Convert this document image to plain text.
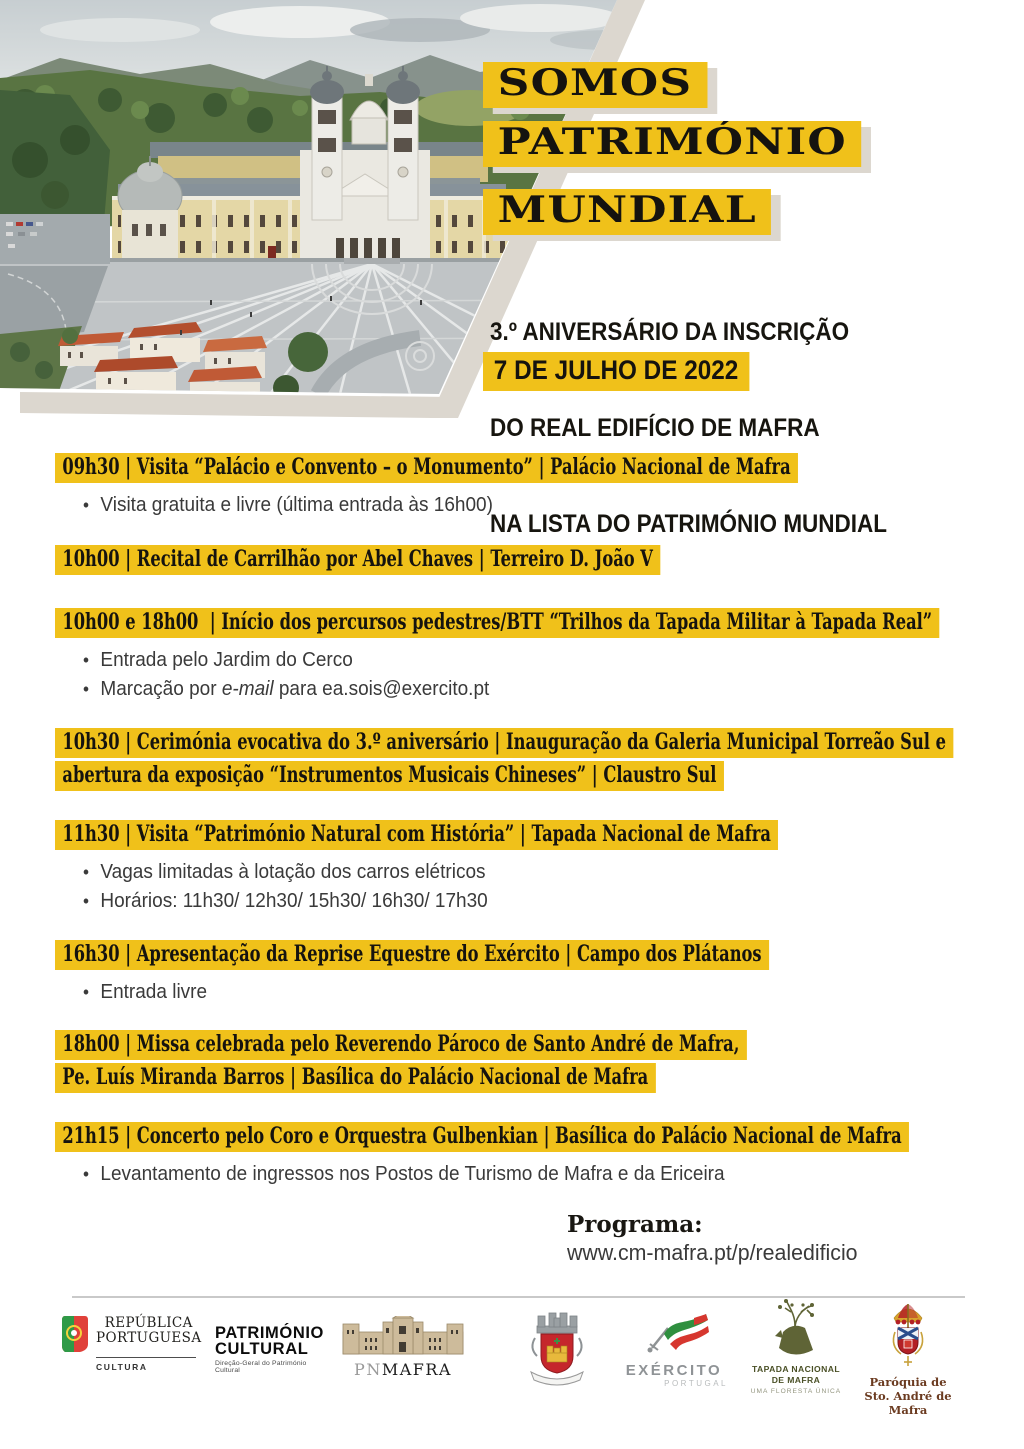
SOMOS
PATRIMÓNIO
MUNDIAL

3.º ANIVERSÁRIO DA INSCRIÇÃO

DO REAL EDIFÍCIO DE MAFRA

NA LISTA DO PATRIMÓNIO MUNDIAL

7 DE JULHO DE 2022
09h30 | Visita “Palácio e Convento – o Monumento” | Palácio Nacional de Mafra
• Visita gratuita e livre (última entrada às 16h00)
10h00 | Recital de Carrilhão por Abel Chaves | Terreiro D. João V
10h00 e 18h00  | Início dos percursos pedestres/BTT “Trilhos da Tapada Militar à Tapada Real”
• Entrada pelo Jardim do Cerco
• Marcação por e-mail para ea.sois@exercito.pt
10h30 | Cerimónia evocativa do 3.º aniversário | Inauguração da Galeria Municipal Torreão Sul e
abertura da exposição “Instrumentos Musicais Chineses” | Claustro Sul
11h30 | Visita “Património Natural com História” | Tapada Nacional de Mafra
• Vagas limitadas à lotação dos carros elétricos
• Horários: 11h30/ 12h30/ 15h30/ 16h30/ 17h30
16h30 | Apresentação da Reprise Equestre do Exército | Campo dos Plátanos
• Entrada livre
18h00 | Missa celebrada pelo Reverendo Pároco de Santo André de Mafra,
Pe. Luís Miranda Barros | Basílica do Palácio Nacional de Mafra
21h15 | Concerto pelo Coro e Orquestra Gulbenkian | Basílica do Palácio Nacional de Mafra
• Levantamento de ingressos nos Postos de Turismo de Mafra e da Ericeira
Programa:
www.cm-mafra.pt/p/realedificio
REPÚBLICA
PORTUGUESA
CULTURA
PATRIMÓNIO
CULTURAL
Direção-Geral do Património Cultural	PNMAFRA	EXÉRCITO
PORTUGAL
TAPADA NACIONAL
DE MAFRA
UMA FLORESTA ÚNICA
Paróquia de
Sto. André de Mafra
